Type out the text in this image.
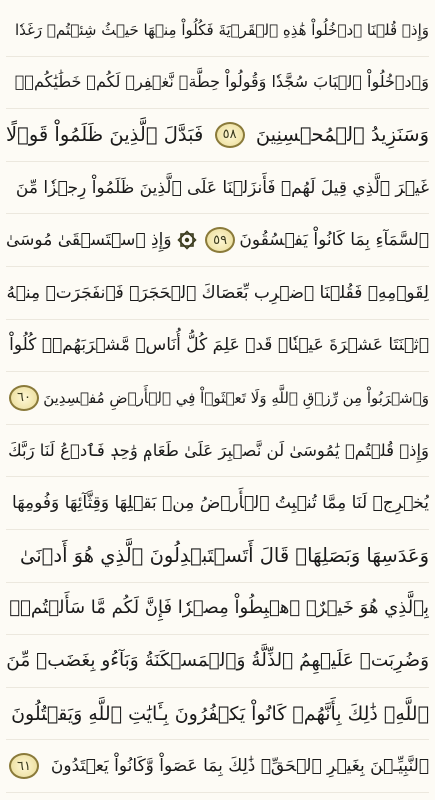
وَإِذۡ قُلۡنَا ٱدۡخُلُواْ هَٰذِهِ ٱلۡقَرۡيَةَ فَكُلُواْ مِنۡهَا حَيۡثُ شِئۡتُمۡ رَغَدٗا
وَٱدۡخُلُواْ ٱلۡبَابَ سُجَّدٗا وَقُولُواْ حِطَّةٞ نَّغۡفِرۡ لَكُمۡ خَطَٰيَٰكُمۡۚ
وَسَنَزِيدُ ٱلۡمُحۡسِنِينَ
٥٨
فَبَدَّلَ ٱلَّذِينَ ظَلَمُواْ قَوۡلًا
غَيۡرَ ٱلَّذِي قِيلَ لَهُمۡ فَأَنزَلۡنَا عَلَى ٱلَّذِينَ ظَلَمُواْ رِجۡزٗا مِّنَ
ٱلسَّمَآءِ بِمَا كَانُواْ يَفۡسُقُونَ
٥٩
وَإِذِ ٱسۡتَسۡقَىٰ مُوسَىٰ
لِقَوۡمِهِۦ فَقُلۡنَا ٱضۡرِب بِّعَصَاكَ ٱلۡحَجَرَۖ فَٱنفَجَرَتۡ مِنۡهُ
ٱثۡنَتَا عَشۡرَةَ عَيۡنٗاۖ قَدۡ عَلِمَ كُلُّ أُنَاسٖ مَّشۡرَبَهُمۡۖ كُلُواْ
وَٱشۡرَبُواْ مِن رِّزۡقِ ٱللَّهِ وَلَا تَعۡثَوۡاْ فِي ٱلۡأَرۡضِ مُفۡسِدِينَ
٦٠
وَإِذۡ قُلۡتُمۡ يَٰمُوسَىٰ لَن نَّصۡبِرَ عَلَىٰ طَعَامٖ وَٰحِدٖ فَٱدۡعُ لَنَا رَبَّكَ
يُخۡرِجۡ لَنَا مِمَّا تُنۢبِتُ ٱلۡأَرۡضُ مِنۢ بَقۡلِهَا وَقِثَّآئِهَا وَفُومِهَا
وَعَدَسِهَا وَبَصَلِهَاۖ قَالَ أَتَسۡتَبۡدِلُونَ ٱلَّذِي هُوَ أَدۡنَىٰ
بِٱلَّذِي هُوَ خَيۡرٌۚ ٱهۡبِطُواْ مِصۡرٗا فَإِنَّ لَكُم مَّا سَأَلۡتُمۡۗ
وَضُرِبَتۡ عَلَيۡهِمُ ٱلذِّلَّةُ وَٱلۡمَسۡكَنَةُ وَبَآءُو بِغَضَبٖ مِّنَ
ٱللَّهِۗ ذَٰلِكَ بِأَنَّهُمۡ كَانُواْ يَكۡفُرُونَ بِـَٔايَٰتِ ٱللَّهِ وَيَقۡتُلُونَ
ٱلنَّبِيِّـۧنَ بِغَيۡرِ ٱلۡحَقِّۗ ذَٰلِكَ بِمَا عَصَواْ وَّكَانُواْ يَعۡتَدُونَ
٦١
